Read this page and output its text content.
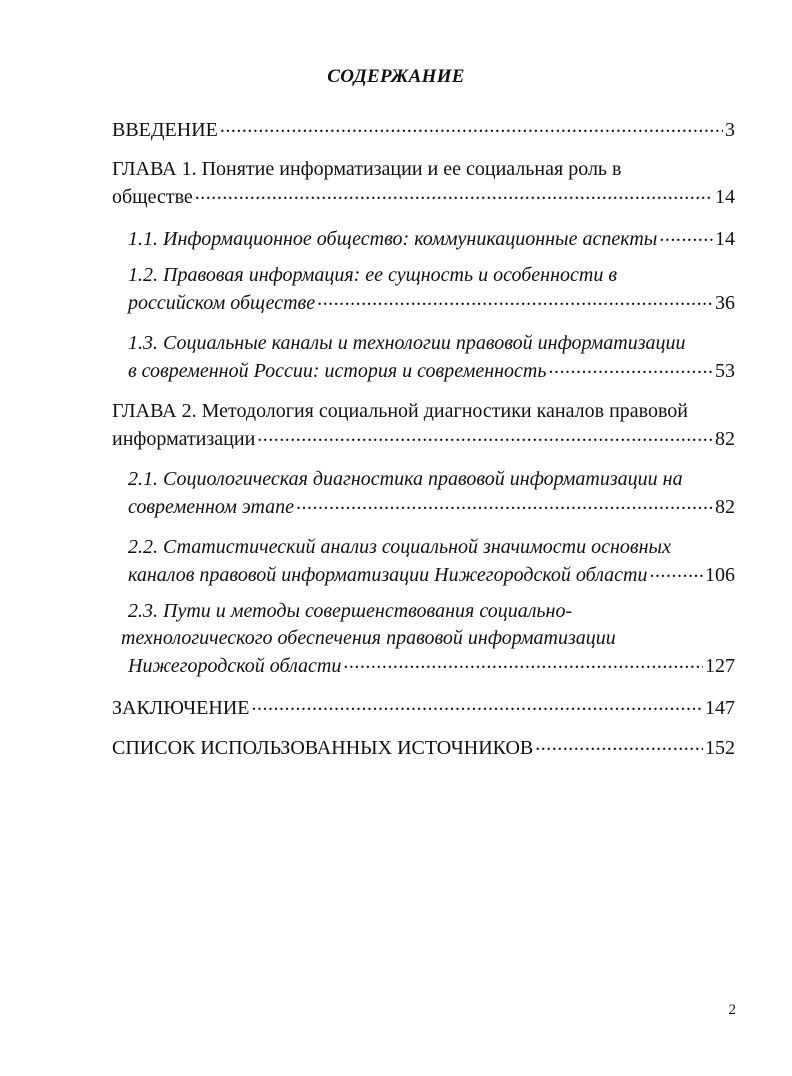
СОДЕРЖАНИЕ
ВВЕДЕНИЕ .....	3
ГЛАВА 1. Понятие информатизации и ее социальная роль в
обществе .....	14
1.1. Информационное общество: коммуникационные аспекты .....	14
1.2. Правовая информация: ее сущность и особенности в
российском обществе .....	36
1.3. Социальные каналы и технологии правовой информатизации
в современной России: история и современность .....	53
ГЛАВА 2. Методология социальной диагностики каналов правовой
информатизации .....	82
2.1. Социологическая диагностика правовой информатизации на
современном этапе .....	82
2.2. Статистический анализ социальной значимости основных
каналов правовой информатизации Нижегородской области .....	106
2.3. Пути и методы совершенствования социально-
технологического обеспечения правовой информатизации
Нижегородской области .....	127
ЗАКЛЮЧЕНИЕ .....	147
СПИСОК ИСПОЛЬЗОВАННЫХ ИСТОЧНИКОВ .....	152
2
